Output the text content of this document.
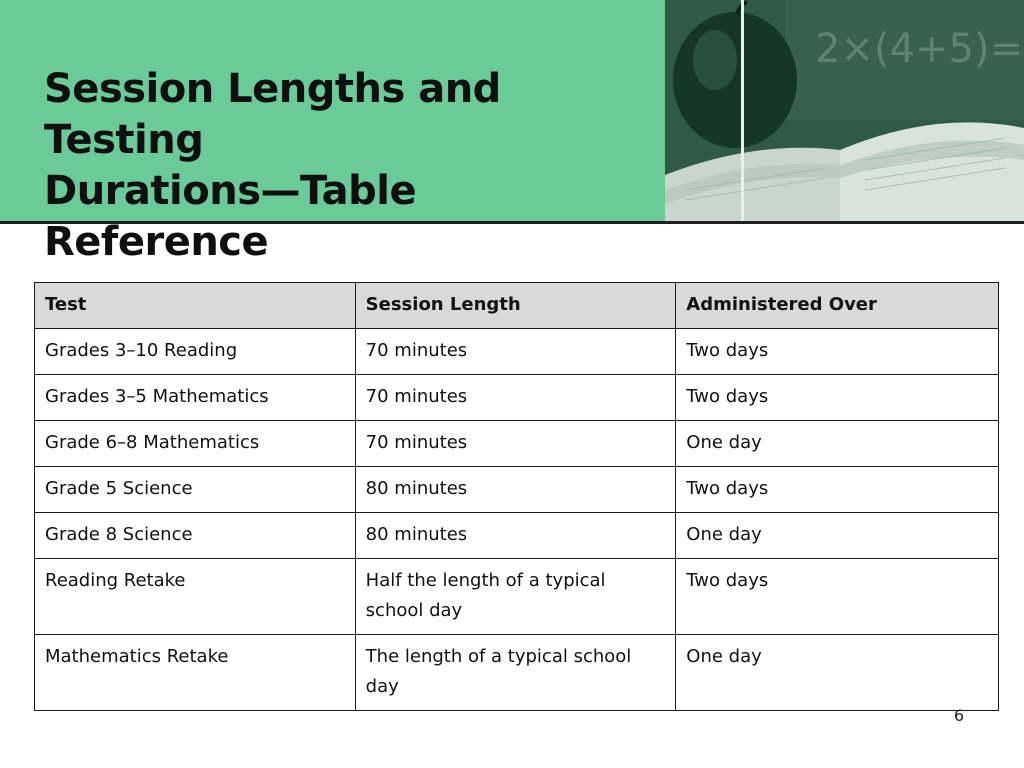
Session Lengths and Testing
Durations—Table Reference
2×(4+5)=
Test	Session Length	Administered Over
Grades 3–10 Reading	70 minutes	Two days
Grades 3–5 Mathematics	70 minutes	Two days
Grade 6–8 Mathematics	70 minutes	One day
Grade 5 Science	80 minutes	Two days
Grade 8 Science	80 minutes	One day
Reading Retake	Half the length of a typical school day	Two days
Mathematics Retake	The length of a typical school day	One day
6
